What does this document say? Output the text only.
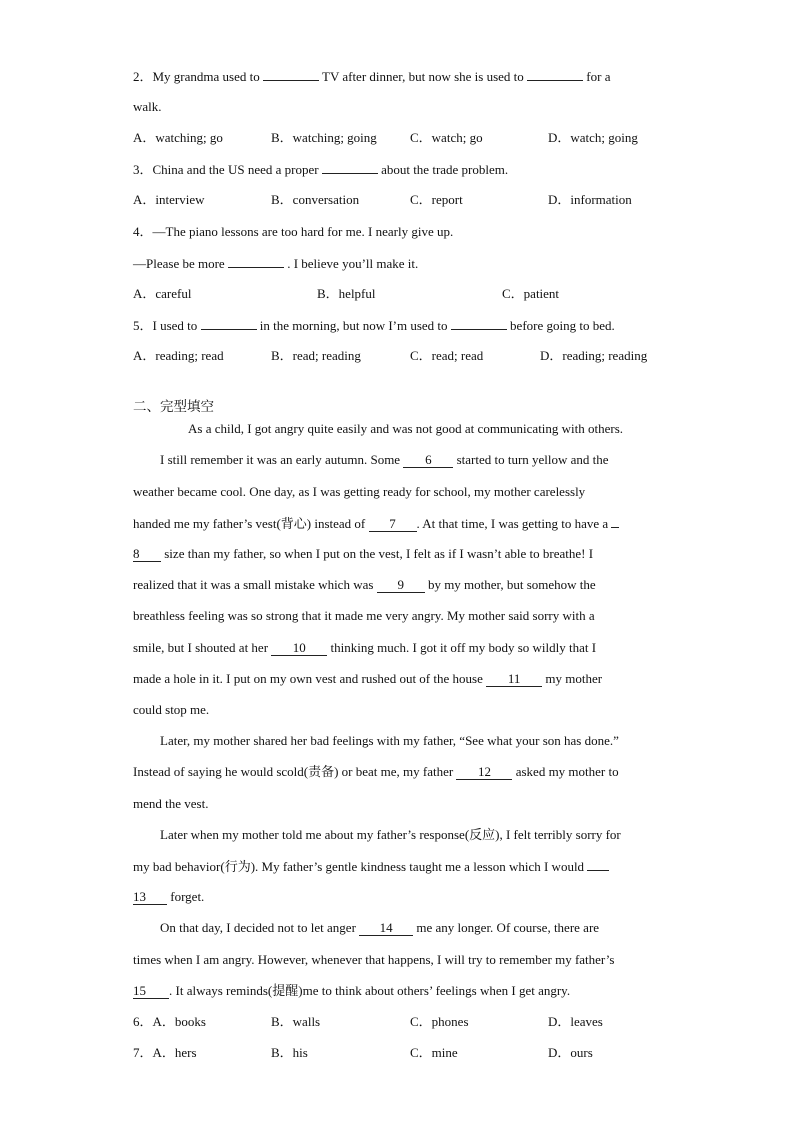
2．My grandma used to	TV after dinner, but now she is used to	for a
walk.
A．watching; go	B．watching; going	C．watch; go	D．watch; going
3．China and the US need a proper	about the trade problem.
A．interview	B．conversation	C．report	D．information
4．—The piano lessons are too hard for me. I nearly give up.
—Please be more	. I believe you’ll make it.
A．careful	B．helpful	C．patient
5．I used to	in the morning, but now I’m used to	before going to bed.
A．reading; read	B．read; reading	C．read; read	D．reading; reading
二、完型填空
As a child, I got angry quite easily and was not good at communicating with others.
I still remember it was an early autumn. Some 6 started to turn yellow and the
weather became cool. One day, as I was getting ready for school, my mother carelessly
handed me my father’s vest(背心) instead of 7 . At that time, I was getting to have a
8 size than my father, so when I put on the vest, I felt as if I wasn’t able to breathe! I
realized that it was a small mistake which was 9 by my mother, but somehow the
breathless feeling was so strong that it made me very angry. My mother said sorry with a
smile, but I shouted at her 10 thinking much. I got it off my body so wildly that I
made a hole in it. I put on my own vest and rushed out of the house 11 my mother
could stop me.
Later, my mother shared her bad feelings with my father, “See what your son has done.”
Instead of saying he would scold(责备) or beat me, my father 12 asked my mother to
mend the vest.
Later when my mother told me about my father’s response(反应), I felt terribly sorry for
my bad behavior(行为). My father’s gentle kindness taught me a lesson which I would
13 forget.
On that day, I decided not to let anger 14 me any longer. Of course, there are
times when I am angry. However, whenever that happens, I will try to remember my father’s
15 . It always reminds(提醒)me to think about others’ feelings when I get angry.
6．A．books	B．walls	C．phones	D．leaves
7．A．hers	B．his	C．mine	D．ours
